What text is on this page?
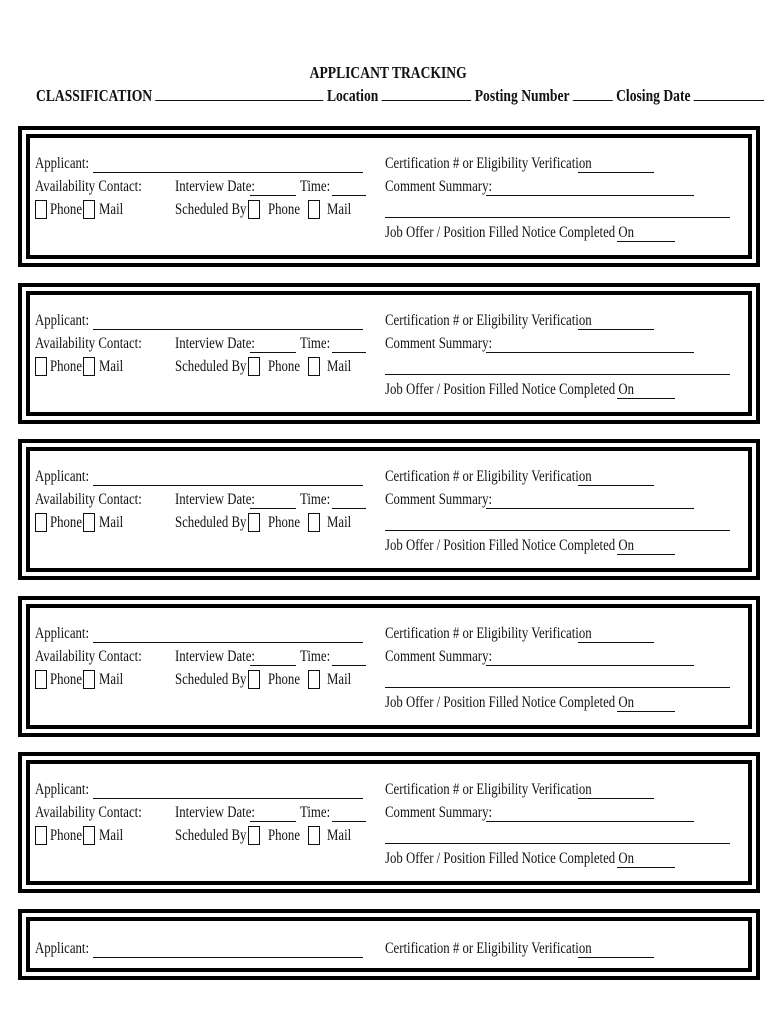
APPLICANT TRACKING
CLASSIFICATION	Location	Posting Number	Closing Date
Applicant:	Certification # or Eligibility Verification
Availability Contact: Interview Date:	Time:	Comment Summary:
Phone Mail	Scheduled By Phone Mail
Job Offer / Position Filled Notice Completed On
Applicant:	Certification # or Eligibility Verification
Availability Contact: Interview Date:	Time:	Comment Summary:
Phone Mail	Scheduled By Phone Mail
Job Offer / Position Filled Notice Completed On
Applicant:	Certification # or Eligibility Verification
Availability Contact: Interview Date:	Time:	Comment Summary:
Phone Mail	Scheduled By Phone Mail
Job Offer / Position Filled Notice Completed On
Applicant:	Certification # or Eligibility Verification
Availability Contact: Interview Date:	Time:	Comment Summary:
Phone Mail	Scheduled By Phone Mail
Job Offer / Position Filled Notice Completed On
Applicant:	Certification # or Eligibility Verification
Availability Contact: Interview Date:	Time:	Comment Summary:
Phone Mail	Scheduled By Phone Mail
Job Offer / Position Filled Notice Completed On
Applicant:	Certification # or Eligibility Verification
